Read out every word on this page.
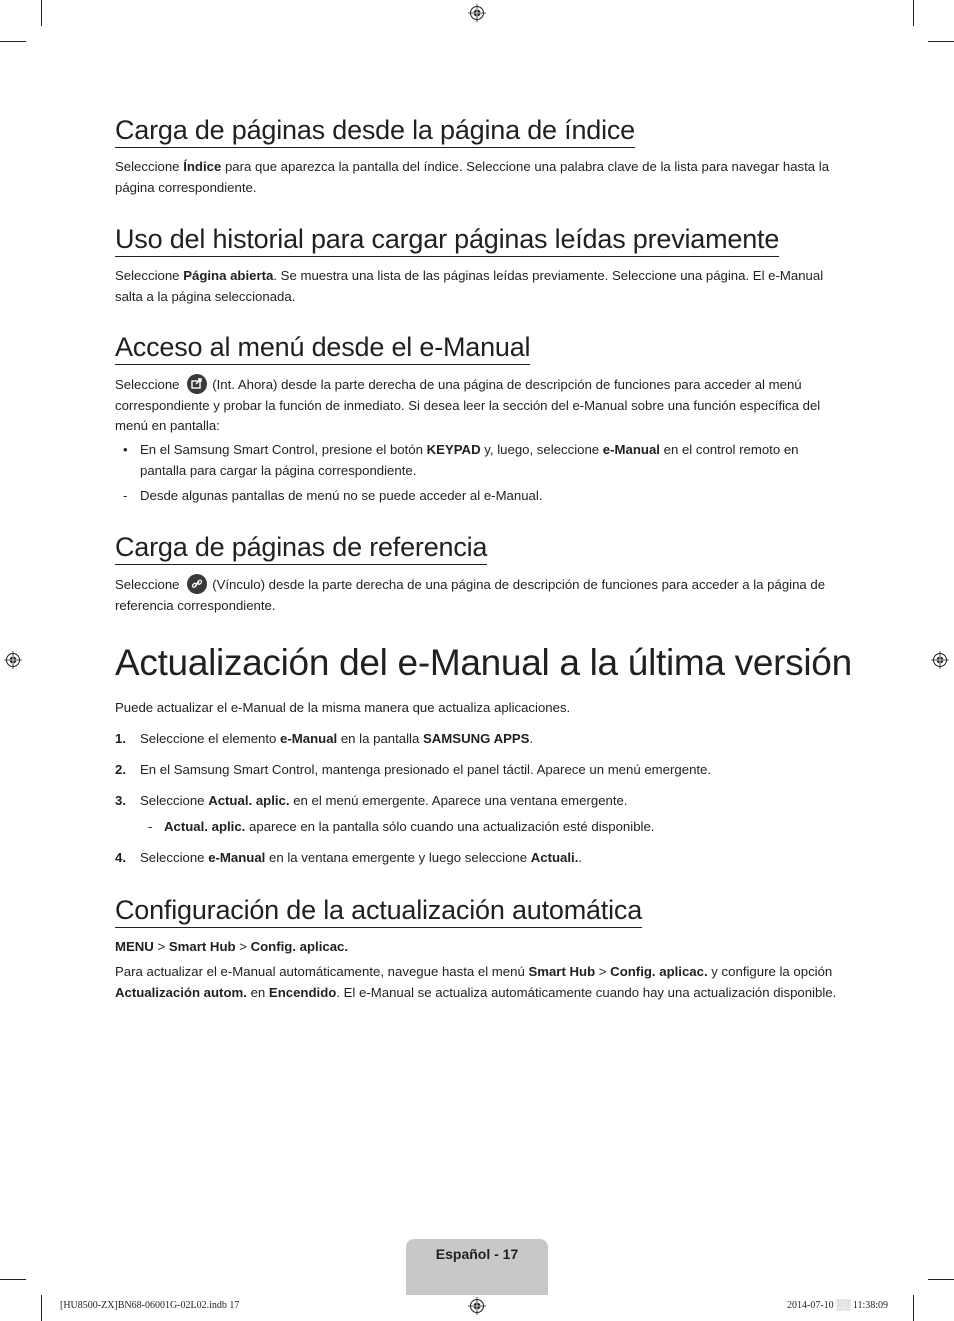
Carga de páginas desde la página de índice

Seleccione Índice para que aparezca la pantalla del índice. Seleccione una palabra clave de la lista para navegar hasta la página correspondiente.

Uso del historial para cargar páginas leídas previamente

Seleccione Página abierta. Se muestra una lista de las páginas leídas previamente. Seleccione una página. El e-Manual salta a la página seleccionada.

Acceso al menú desde el e-Manual

Seleccione
(Int. Ahora) desde la parte derecha de una página de descripción de funciones para acceder al menú correspondiente y probar la función de inmediato. Si desea leer la sección del e-Manual sobre una función específica del menú en pantalla:

• En el Samsung Smart Control, presione el botón KEYPAD y, luego, seleccione e-Manual en el control remoto en pantalla para cargar la página correspondiente.
- Desde algunas pantallas de menú no se puede acceder al e-Manual.
Carga de páginas de referencia

Seleccione
(Vínculo) desde la parte derecha de una página de descripción de funciones para acceder a la página de referencia correspondiente.

Actualización del e-Manual a la última versión

Puede actualizar el e-Manual de la misma manera que actualiza aplicaciones.

1. Seleccione el elemento e-Manual en la pantalla SAMSUNG APPS.
2. En el Samsung Smart Control, mantenga presionado el panel táctil. Aparece un menú emergente.
3. Seleccione Actual. aplic. en el menú emergente. Aparece una ventana emergente.
- Actual. aplic. aparece en la pantalla sólo cuando una actualización esté disponible.
4. Seleccione e-Manual en la ventana emergente y luego seleccione Actuali..
Configuración de la actualización automática

MENU > Smart Hub > Config. aplicac.

Para actualizar el e-Manual automáticamente, navegue hasta el menú Smart Hub > Config. aplicac. y configure la opción Actualización autom. en Encendido. El e-Manual se actualiza automáticamente cuando hay una actualización disponible.

Español - 17
[HU8500-ZX]BN68-06001G-02L02.indb 17	2014-07-10 ░░ 11:38:09
